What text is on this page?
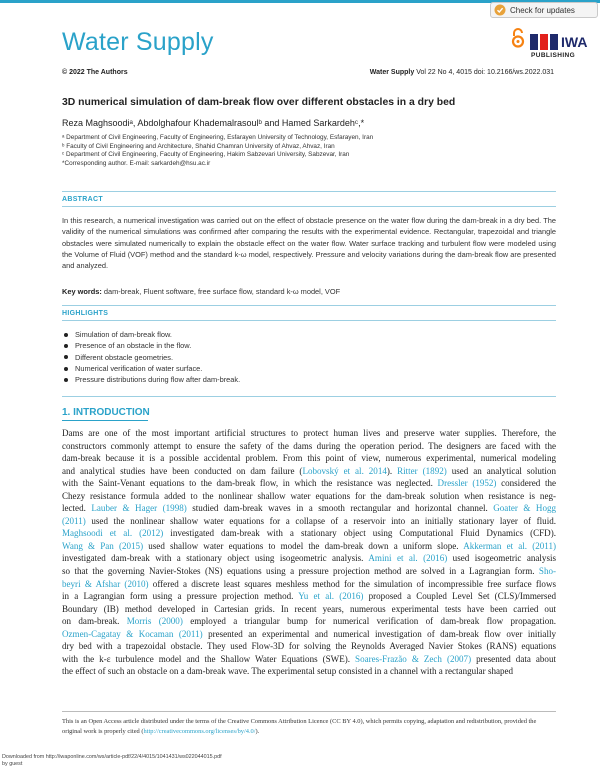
Water Supply
Check for updates
IWA
PUBLISHING
© 2022 The Authors	Water Supply Vol 22 No 4, 4015 doi: 10.2166/ws.2022.031
3D numerical simulation of dam-break flow over different obstacles in a dry bed
Reza Maghsoodiᵃ, Abdolghafour Khademalrasoulᵇ and Hamed Sarkardehᶜ,*
ᵃ Department of Civil Engineering, Faculty of Engineering, Esfarayen University of Technology, Esfarayen, Iran
ᵇ Faculty of Civil Engineering and Architecture, Shahid Chamran University of Ahvaz, Ahvaz, Iran
ᶜ Department of Civil Engineering, Faculty of Engineering, Hakim Sabzevari University, Sabzevar, Iran
*Corresponding author. E-mail: sarkardeh@hsu.ac.ir
ABSTRACT
In this research, a numerical investigation was carried out on the effect of obstacle presence on the water flow during the dam-break in a dry bed. The validity of the numerical simulations was confirmed after comparing the results with the experimental evidence. Rectangular, trapezoidal and triangle obstacles were simulated numerically to explain the obstacle effect on the water flow. Water surface tracking and turbulent flow were modeled using the Volume of Fluid (VOF) method and the standard k-ω model, respectively. Pressure and velocity variations during the dam-break flow are presented and analyzed.
Key words: dam-break, Fluent software, free surface flow, standard k-ω model, VOF
HIGHLIGHTS
Simulation of dam-break flow.
Presence of an obstacle in the flow.
Different obstacle geometries.
Numerical verification of water surface.
Pressure distributions during flow after dam-break.
1. INTRODUCTION
Dams are one of the most important artificial structures to protect human lives and preserve water supplies. Therefore, the
constructors commonly attempt to ensure the safety of the dams during the operation period. The designers are faced with the
dam-break because it is a possible accidental problem. From this point of view, numerous experimental, numerical modeling
and analytical studies have been conducted on dam failure (Lobovský et al. 2014). Ritter (1892) used an analytical solution
with the Saint-Venant equations to the dam-break flow, in which the resistance was neglected. Dressler (1952) considered the
Chezy resistance formula added to the nonlinear shallow water equations for the dam-break solution when resistance is neg-
lected. Lauber & Hager (1998) studied dam-break waves in a smooth rectangular and horizontal channel. Goater & Hogg
(2011) used the nonlinear shallow water equations for a collapse of a reservoir into an initially stationary layer of fluid.
Maghsoodi et al. (2012) investigated dam-break with a stationary object using Computational Fluid Dynamics (CFD).
Wang & Pan (2015) used shallow water equations to model the dam-break down a uniform slope. Akkerman et al. (2011)
investigated dam-break with a stationary object using isogeometric analysis. Amini et al. (2016) used isogeometric analysis
so that the governing Navier-Stokes (NS) equations using a pressure projection method are solved in a Lagrangian form. Sho-
beyri & Afshar (2010) offered a discrete least squares meshless method for the simulation of incompressible free surface flows
in a Lagrangian form using a pressure projection method. Yu et al. (2016) proposed a Coupled Level Set (CLS)/Immersed
Boundary (IB) method developed in Cartesian grids. In recent years, numerous experimental tests have been carried out
on dam-break. Morris (2000) employed a triangular bump for numerical verification of dam-break flow propagation.
Ozmen-Cagatay & Kocaman (2011) presented an experimental and numerical investigation of dam-break flow over initially
dry bed with a trapezoidal obstacle. They used Flow-3D for solving the Reynolds Averaged Navier Stokes (RANS) equations
with the k-ε turbulence model and the Shallow Water Equations (SWE). Soares-Frazão & Zech (2007) presented data about
the effect of such an obstacle on a dam-break wave. The experimental setup consisted in a channel with a rectangular shaped
This is an Open Access article distributed under the terms of the Creative Commons Attribution Licence (CC BY 4.0), which permits copying, adaptation and redistribution, provided the original work is properly cited (http://creativecommons.org/licenses/by/4.0/).
Downloaded from http://iwaponline.com/ws/article-pdf/22/4/4015/1041431/ws022044015.pdf
by guest
